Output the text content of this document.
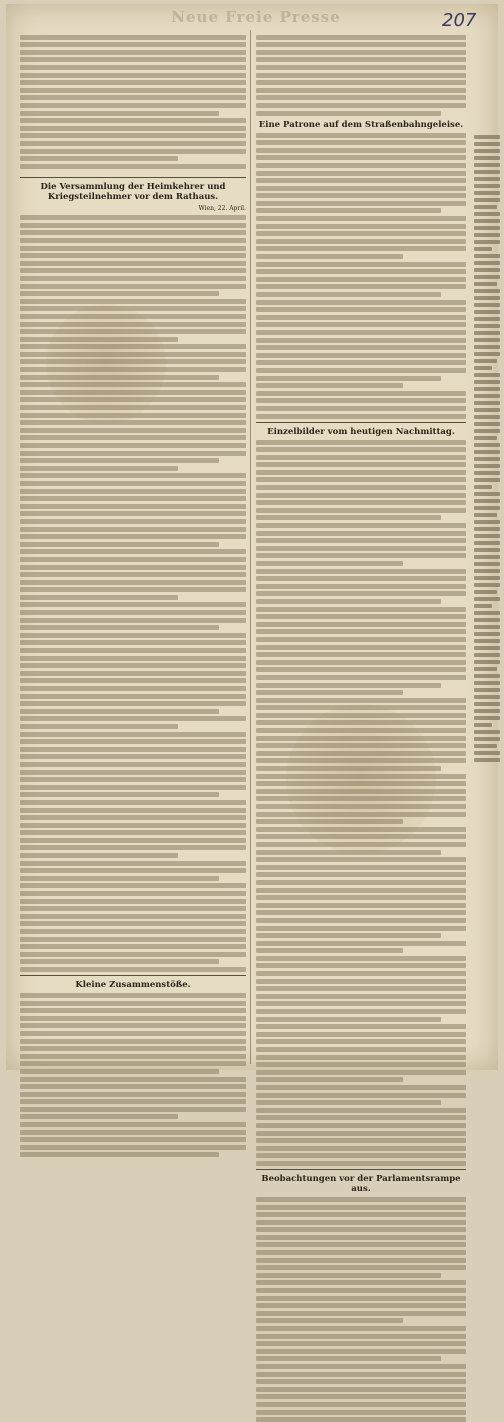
Neue Freie Presse	207
Die Versammlung der Heimkehrer und Kriegsteilnehmer vor dem Rathaus.
Wien, 22. April.
Kleine Zusammenstöße.
Eine Patrone auf dem Straßenbahngeleise.
Einzelbilder vom heutigen Nachmittag.
Beobachtungen vor der Parlamentsrampe aus.
